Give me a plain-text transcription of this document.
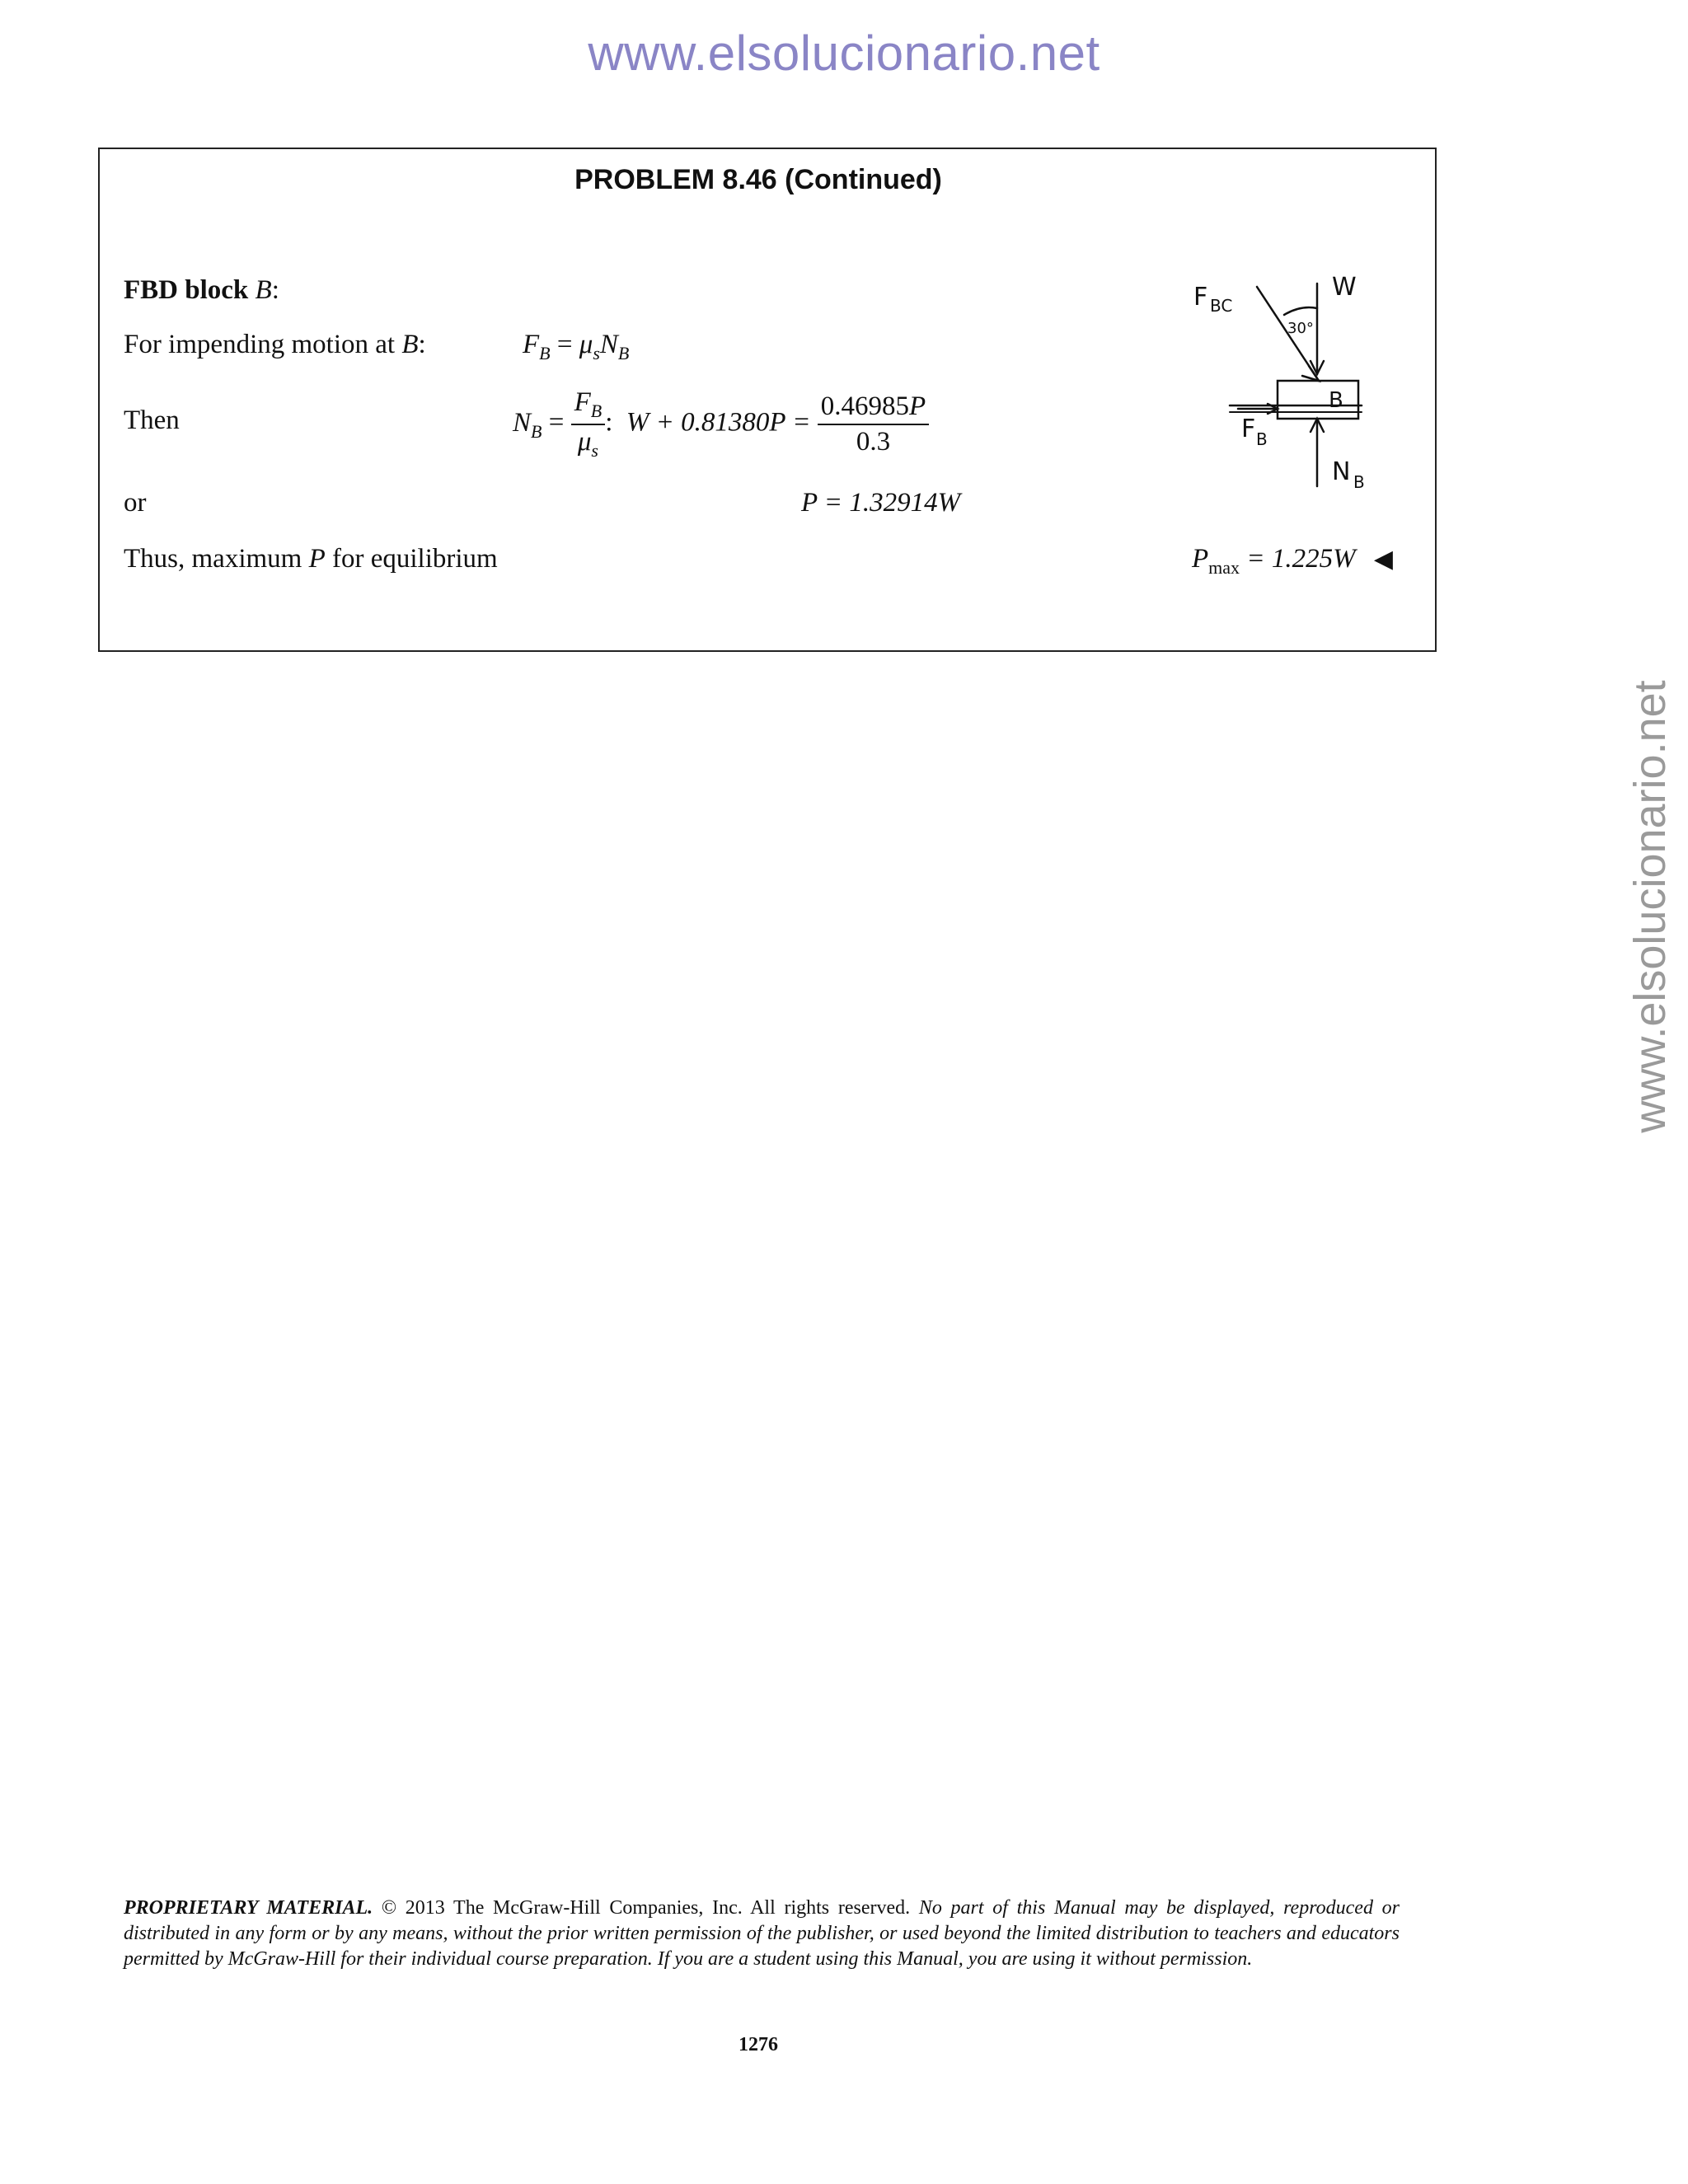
www.elsolucionario.net
www.elsolucionario.net
PROBLEM 8.46 (Continued)
FBD block B:
For impending motion at B:	$F_B = \mu_sN_B$
Then	$N_B = \frac{F_B}{\mu_s}$ :  $W + 0.81380P = \frac{0.46985P}{0.3}$
or	P = 1.32914W
Thus, maximum P for equilibrium	$P_{max} = 1.225W$ ◀
F BC
W
30°
B
F B
N B
PROPRIETARY MATERIAL. © 2013 The McGraw-Hill Companies, Inc. All rights reserved. No part of this Manual may be displayed, reproduced or distributed in any form or by any means, without the prior written permission of the publisher, or used beyond the limited distribution to teachers and educators permitted by McGraw-Hill for their individual course preparation. If you are a student using this Manual, you are using it without permission.
1276
